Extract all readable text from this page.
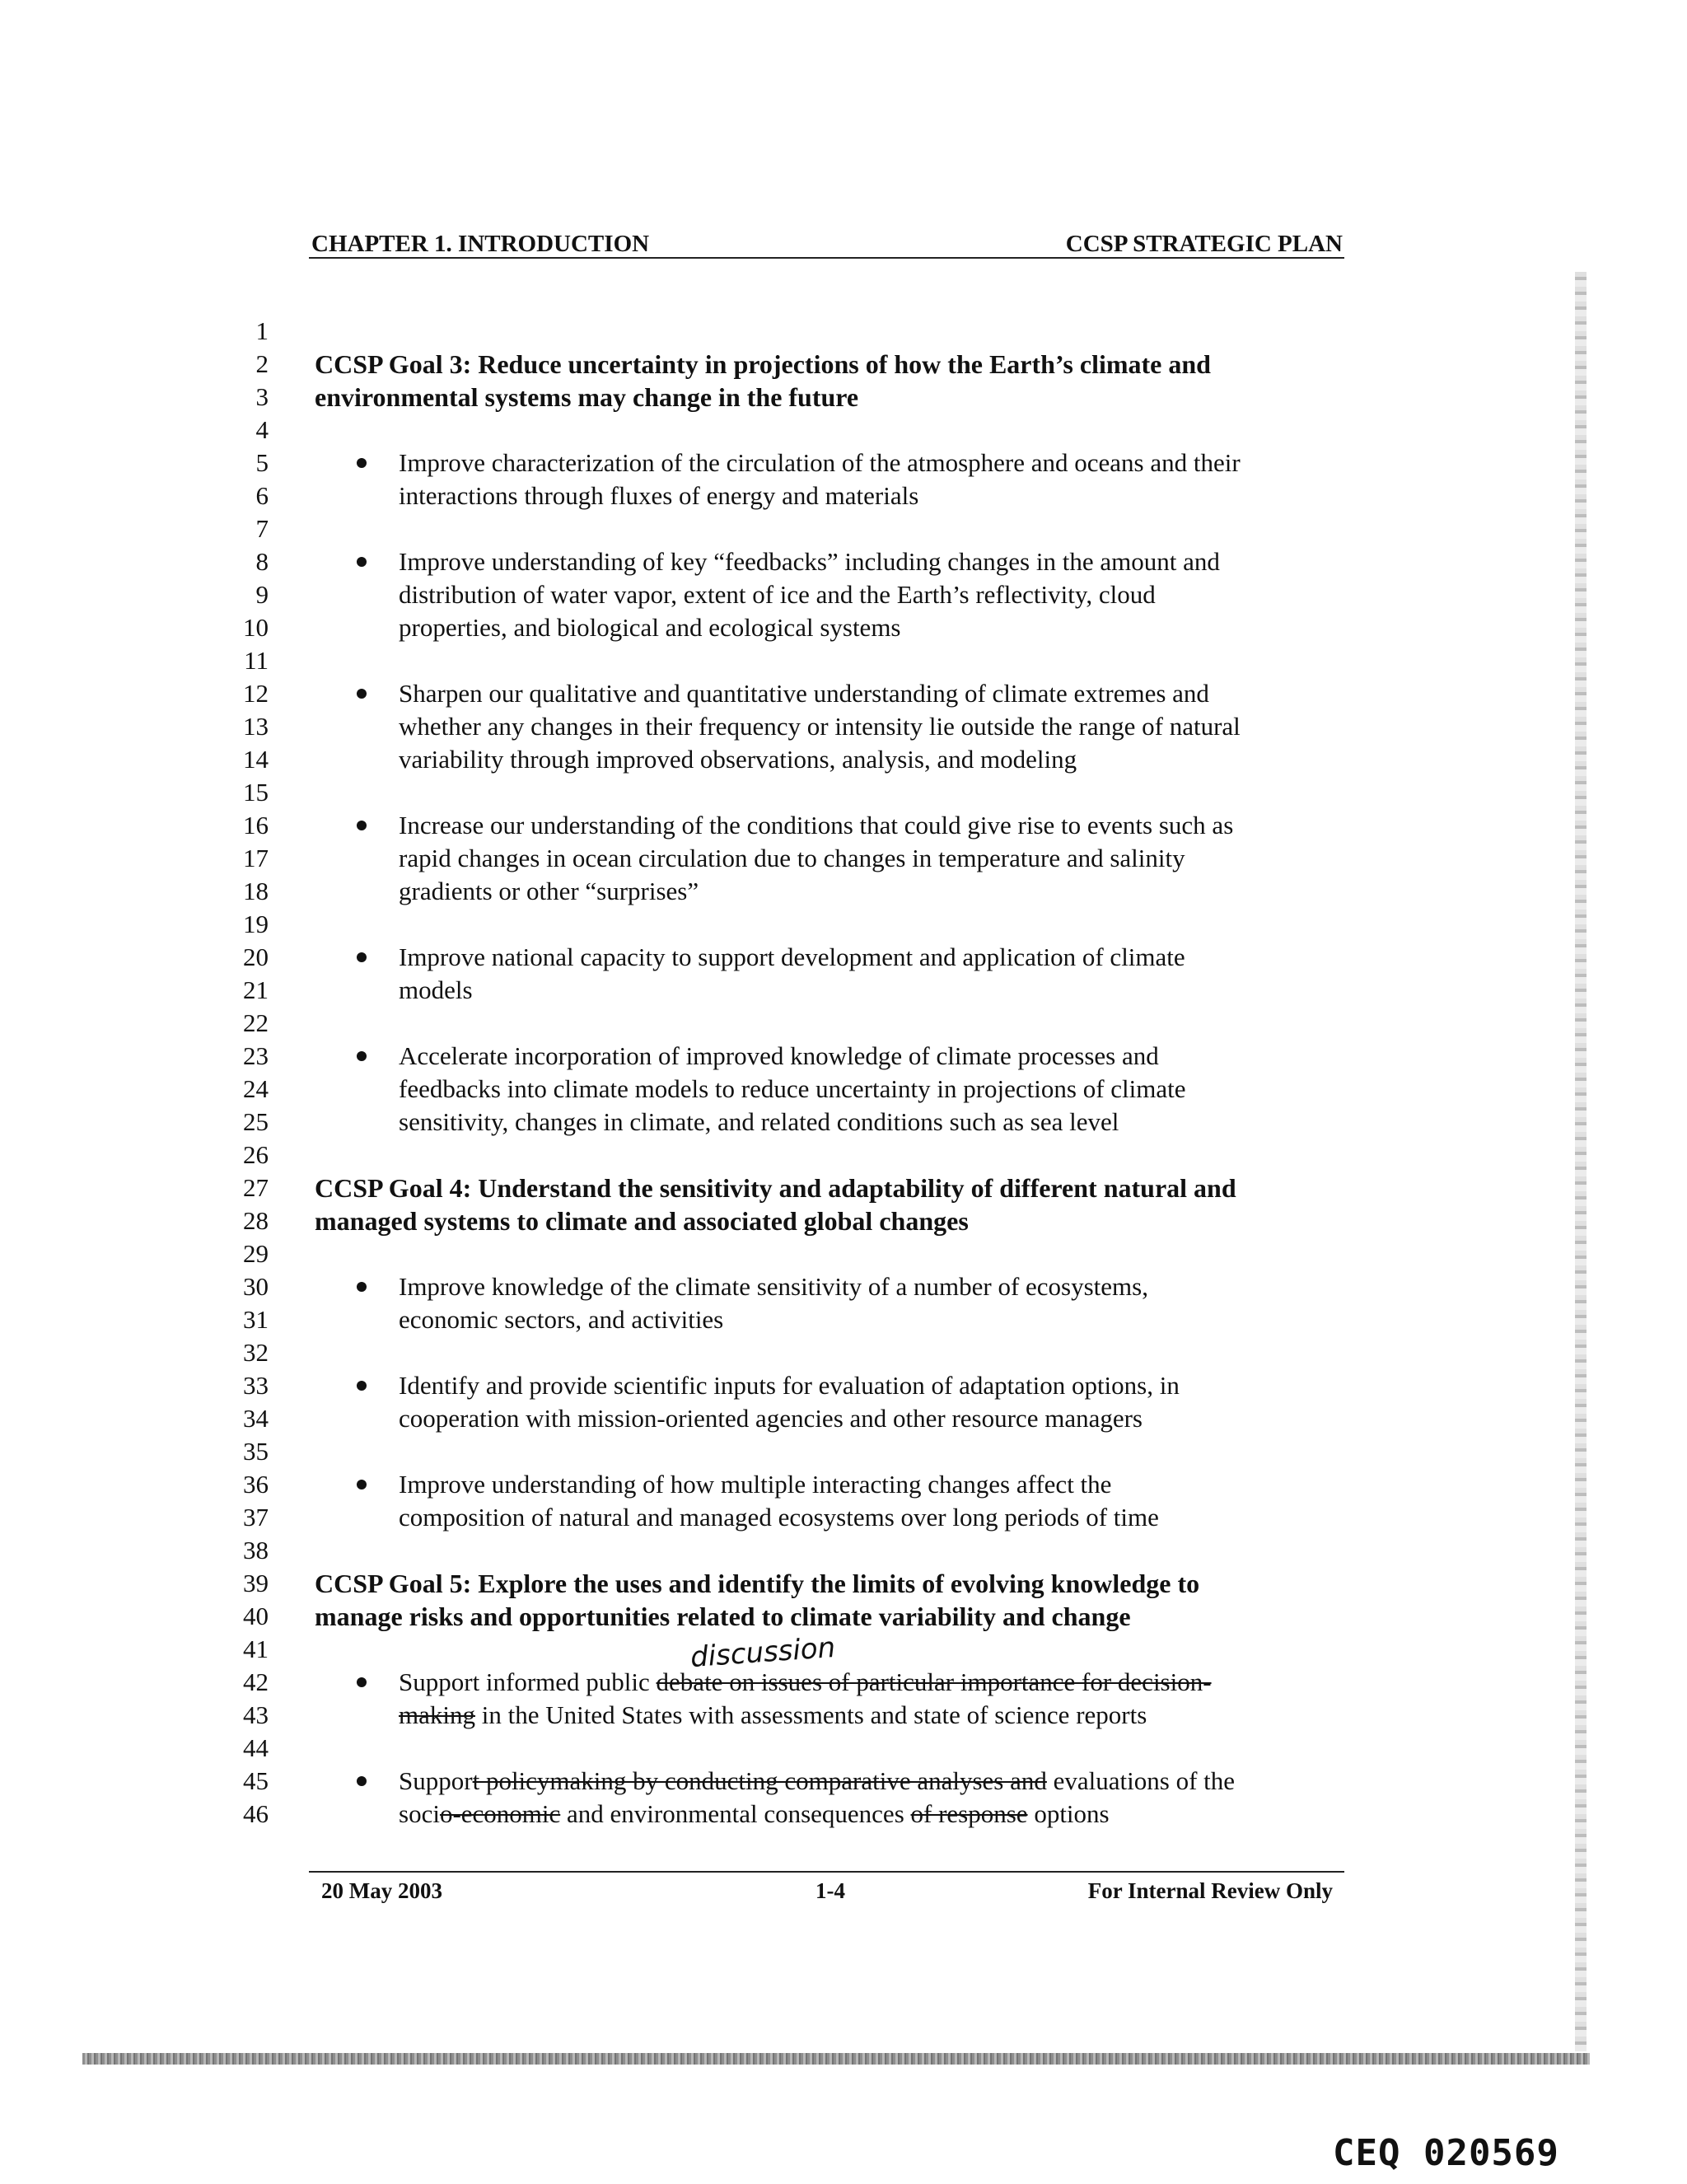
CHAPTER 1. INTRODUCTION	CCSP STRATEGIC PLAN
1
2
3
4
5
6
7
8
9
10
11
12
13
14
15
16
17
18
19
20
21
22
23
24
25
26
27
28
29
30
31
32
33
34
35
36
37
38
39
40
41
42
43
44
45
46
CCSP Goal 3: Reduce uncertainty in projections of how the Earth’s climate and
environmental systems may change in the future
Improve characterization of the circulation of the atmosphere and oceans and their
interactions through fluxes of energy and materials
Improve understanding of key “feedbacks” including changes in the amount and
distribution of water vapor, extent of ice and the Earth’s reflectivity, cloud
properties, and biological and ecological systems
Sharpen our qualitative and quantitative understanding of climate extremes and
whether any changes in their frequency or intensity lie outside the range of natural
variability through improved observations, analysis, and modeling
Increase our understanding of the conditions that could give rise to events such as
rapid changes in ocean circulation due to changes in temperature and salinity
gradients or other “surprises”
Improve national capacity to support development and application of climate
models
Accelerate incorporation of improved knowledge of climate processes and
feedbacks into climate models to reduce uncertainty in projections of climate
sensitivity, changes in climate, and related conditions such as sea level
CCSP Goal 4: Understand the sensitivity and adaptability of different natural and
managed systems to climate and associated global changes
Improve knowledge of the climate sensitivity of a number of ecosystems,
economic sectors, and activities
Identify and provide scientific inputs for evaluation of adaptation options, in
cooperation with mission-oriented agencies and other resource managers
Improve understanding of how multiple interacting changes affect the
composition of natural and managed ecosystems over long periods of time
CCSP Goal 5: Explore the uses and identify the limits of evolving knowledge to
manage risks and opportunities related to climate variability and change
discussion
Support informed public debate on issues of particular importance for decision-
making in the United States with assessments and state of science reports
Support policymaking by conducting comparative analyses and evaluations of the
socio-economic and environmental consequences of response options
20 May 2003	1-4	For Internal Review Only
CEQ 020569
